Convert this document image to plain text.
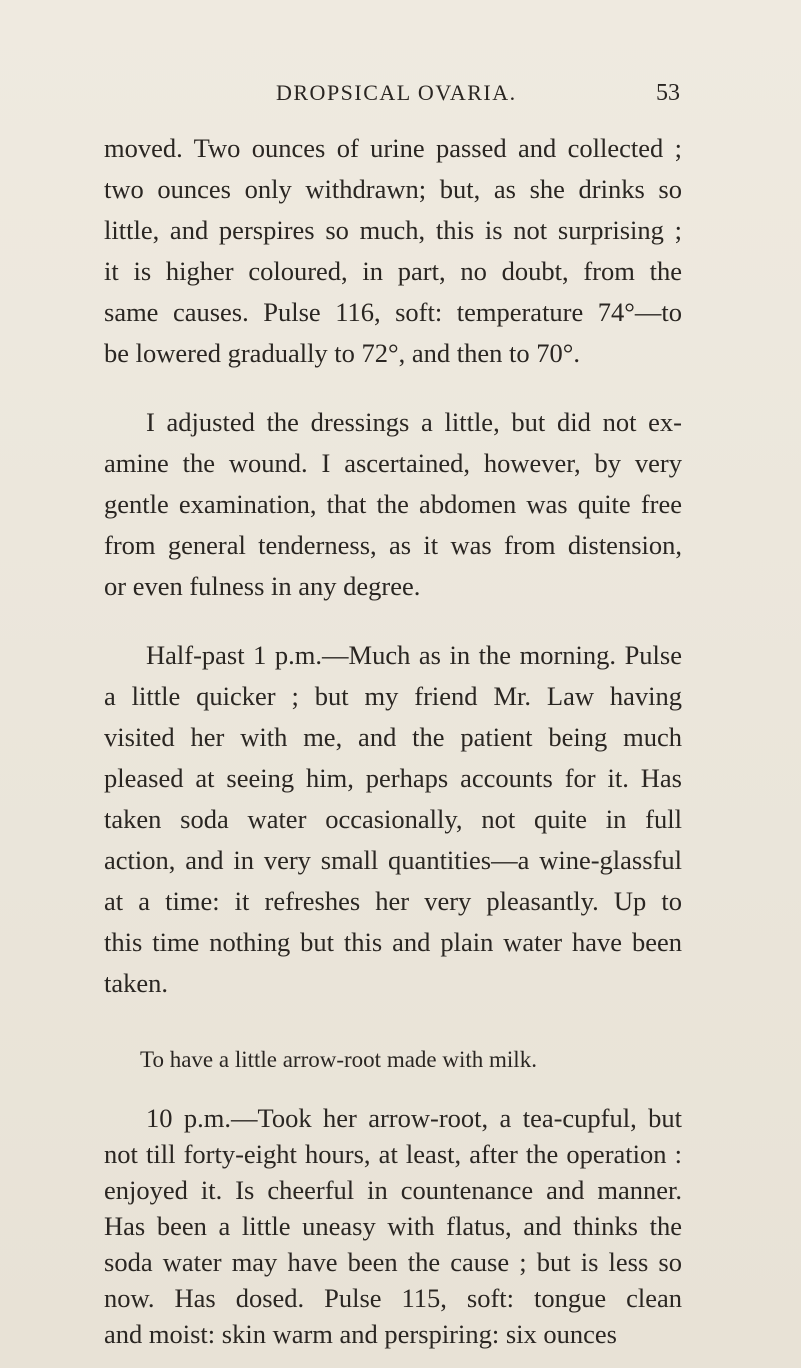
DROPSICAL OVARIA.	53
moved. Two ounces of urine passed and collected ;
two ounces only withdrawn; but, as she drinks so
little, and perspires so much, this is not surprising ;
it is higher coloured, in part, no doubt, from the
same causes. Pulse 116, soft: temperature 74°—to
be lowered gradually to 72°, and then to 70°.
I adjusted the dressings a little, but did not ex-
amine the wound. I ascertained, however, by very
gentle examination, that the abdomen was quite free
from general tenderness, as it was from distension,
or even fulness in any degree.
Half-past 1 p.m.—Much as in the morning. Pulse
a little quicker ; but my friend Mr. Law having
visited her with me, and the patient being much
pleased at seeing him, perhaps accounts for it. Has
taken soda water occasionally, not quite in full
action, and in very small quantities—a wine-glassful
at a time: it refreshes her very pleasantly. Up to
this time nothing but this and plain water have been
taken.
To have a little arrow-root made with milk.
10 p.m.—Took her arrow-root, a tea-cupful, but
not till forty-eight hours, at least, after the operation :
enjoyed it. Is cheerful in countenance and manner.
Has been a little uneasy with flatus, and thinks the
soda water may have been the cause ; but is less so
now. Has dosed. Pulse 115, soft: tongue clean
and moist: skin warm and perspiring: six ounces
